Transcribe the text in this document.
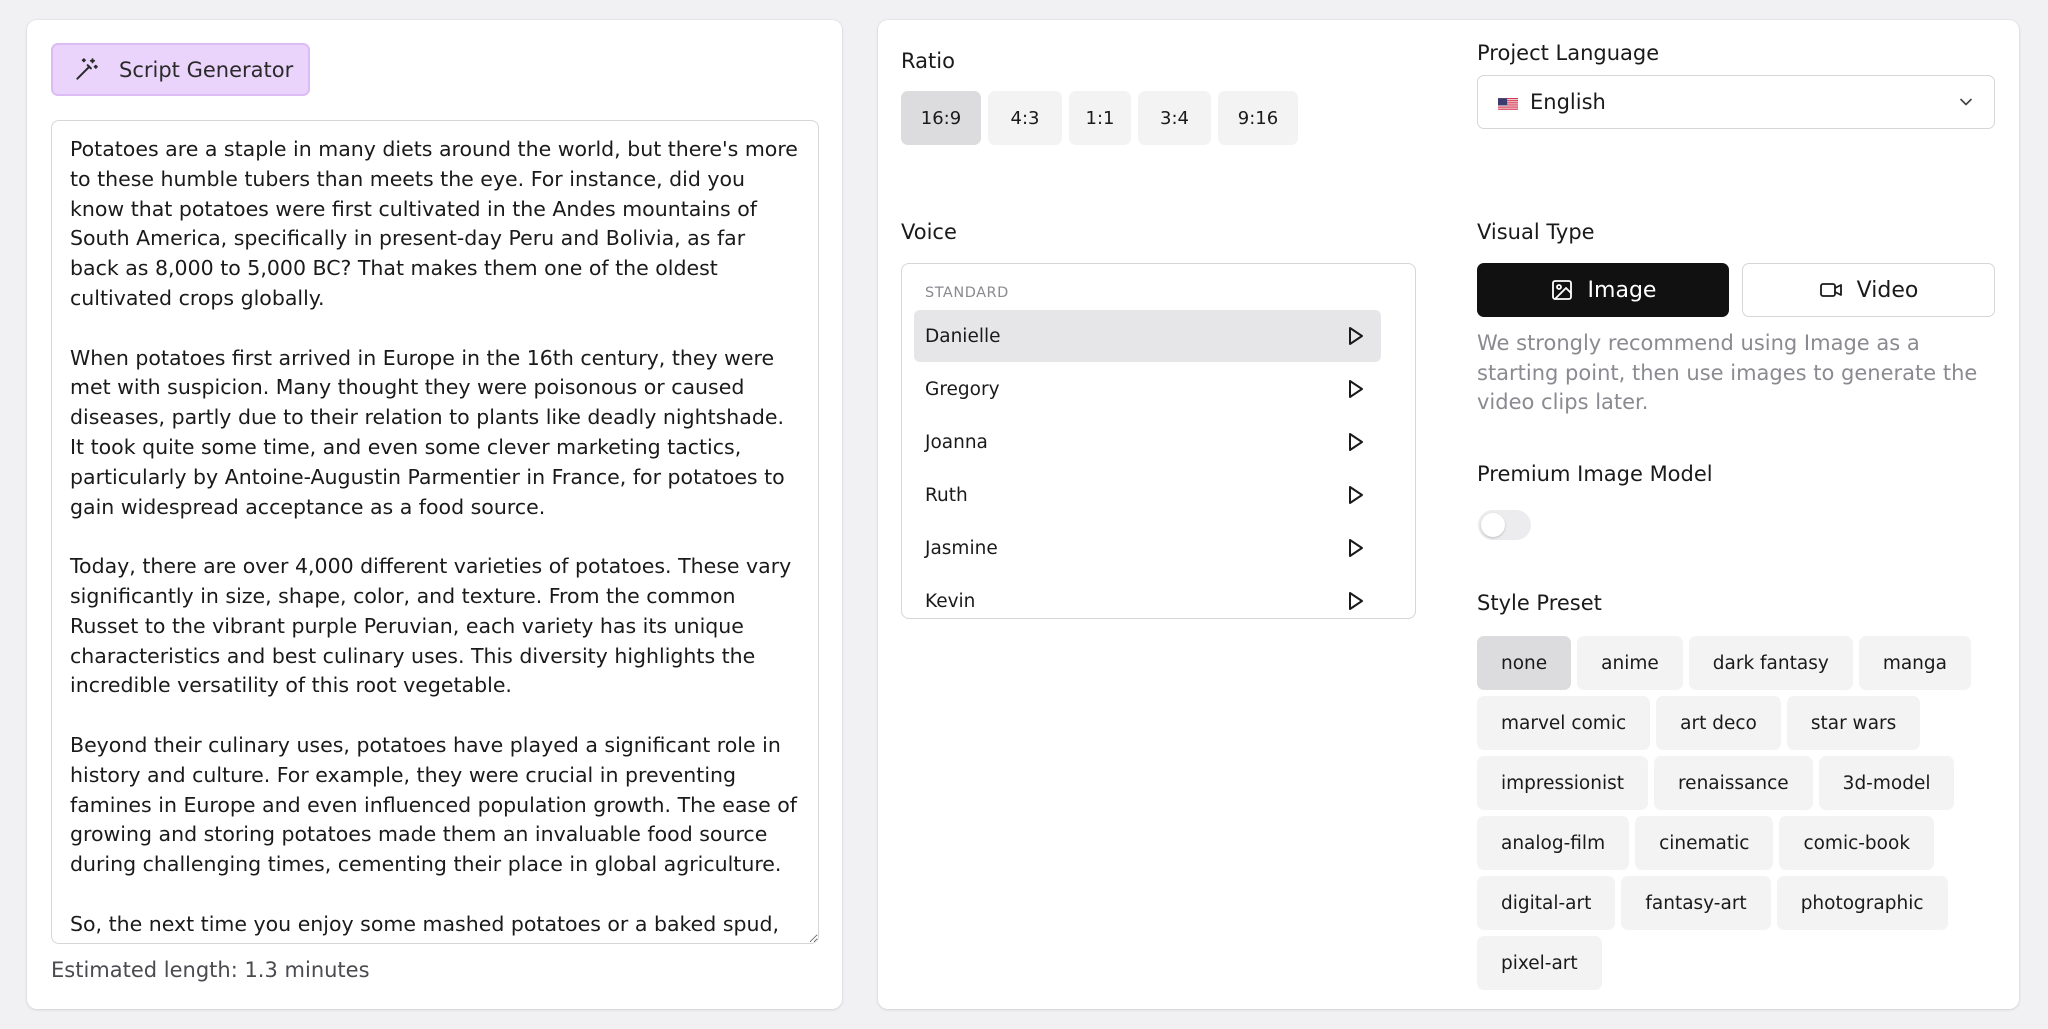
Script Generator
Potatoes are a staple in many diets around the world, but there's more to these humble tubers than meets the eye. For instance, did you know that potatoes were first cultivated in the Andes mountains of South America, specifically in present-day Peru and Bolivia, as far back as 8,000 to 5,000 BC? That makes them one of the oldest cultivated crops globally. When potatoes first arrived in Europe in the 16th century, they were met with suspicion. Many thought they were poisonous or caused diseases, partly due to their relation to plants like deadly nightshade. It took quite some time, and even some clever marketing tactics, particularly by Antoine-Augustin Parmentier in France, for potatoes to gain widespread acceptance as a food source. Today, there are over 4,000 different varieties of potatoes. These vary significantly in size, shape, color, and texture. From the common Russet to the vibrant purple Peruvian, each variety has its unique characteristics and best culinary uses. This diversity highlights the incredible versatility of this root vegetable. Beyond their culinary uses, potatoes have played a significant role in history and culture. For example, they were crucial in preventing famines in Europe and even influenced population growth. The ease of growing and storing potatoes made them an invaluable food source during challenging times, cementing their place in global agriculture. So, the next time you enjoy some mashed potatoes or a baked spud, remember the rich history and intriguing facts behind this incredible vegetable.
Estimated length: 1.3 minutes
Ratio
16:9	4:3	1:1	3:4	9:16
Voice
STANDARD
Danielle
Gregory
Joanna
Ruth
Jasmine
Kevin
Project Language
English
Visual Type
Image	Video
We strongly recommend using Image as a starting point, then use images to generate the video clips later.
Premium Image Model
Style Preset
none	anime	dark fantasy	manga
marvel comic	art deco	star wars
impressionist	renaissance	3d-model
analog-film	cinematic	comic-book
digital-art	fantasy-art	photographic
pixel-art
